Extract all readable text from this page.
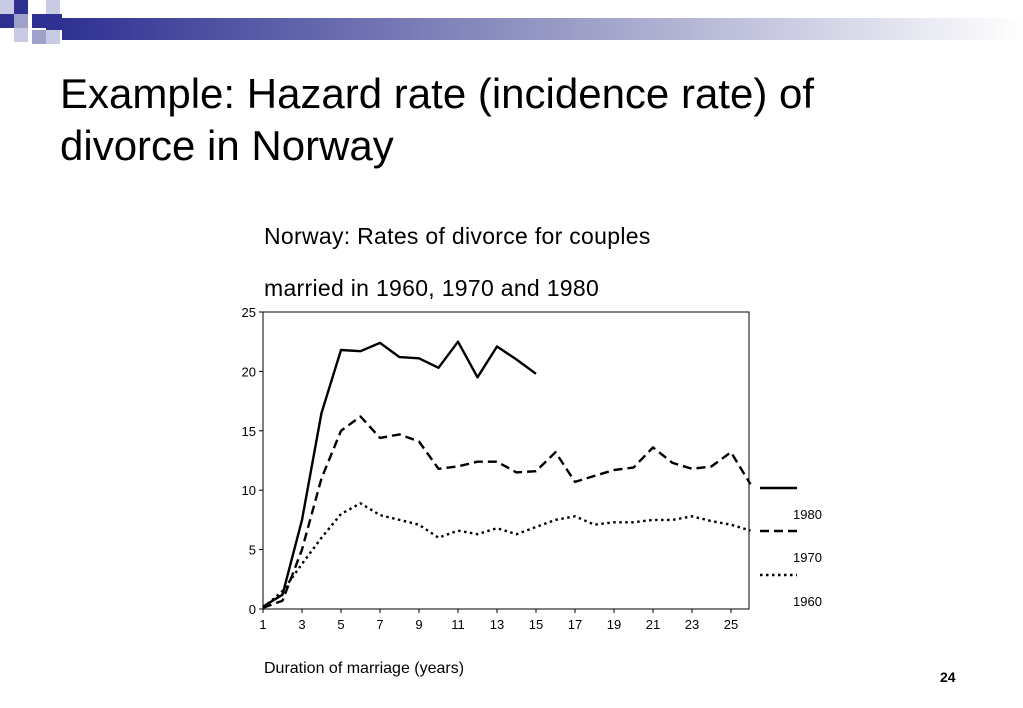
Example: Hazard rate (incidence rate) of
divorce in Norway
Norway: Rates of divorce for couples
married in 1960, 1970 and 1980
0
5
10
15
20
25
1 3 5 7 9 11 13 15 17 19 21 23 25
1980
1970
1960
Duration of marriage (years)	24
